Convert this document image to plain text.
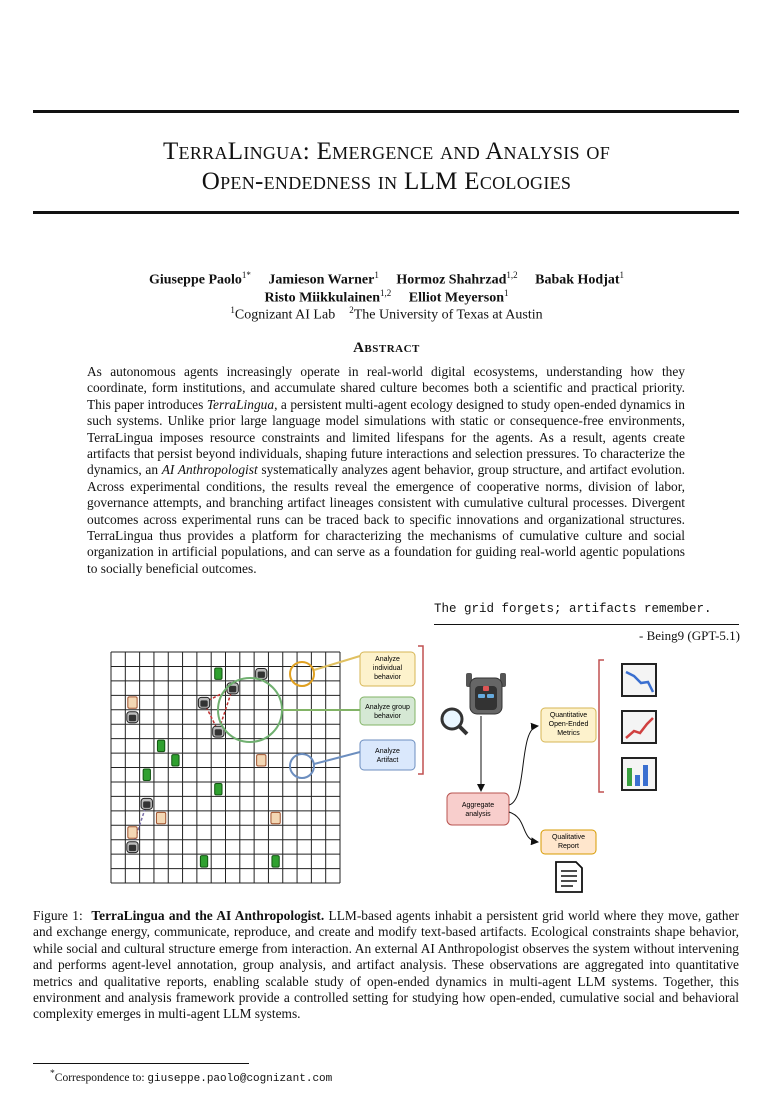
TerraLingua: Emergence and Analysis of
Open-endedness in LLM Ecologies
Giuseppe Paolo$^{1*}$ Jamieson Warner$^1$ Hormoz Shahrzad$^{1,2}$ Babak Hodjat$^1$
Risto Miikkulainen$^{1,2}$ Elliot Meyerson$^1$
$^1$Cognizant AI Lab $^2$The University of Texas at Austin
Abstract
As autonomous agents increasingly operate in real-world digital ecosystems, understanding how they coordinate, form institutions, and accumulate shared culture becomes both a scientific and practical priority. This paper introduces TerraLingua, a persistent multi-agent ecology designed to study open-ended dynamics in such systems. Unlike prior large language model simulations with static or consequence-free environments, TerraLingua imposes resource constraints and limited lifespans for the agents. As a result, agents create artifacts that persist beyond individuals, shaping future interactions and selection pressures. To characterize the dynamics, an AI Anthropologist systematically analyzes agent behavior, group structure, and artifact evolution. Across experimental conditions, the results reveal the emergence of cooperative norms, division of labor, governance attempts, and branching artifact lineages consistent with cumulative cultural processes. Divergent outcomes across experimental runs can be traced back to specific innovations and organizational structures. TerraLingua thus provides a platform for characterizing the mechanisms of cumulative culture and social organization in artificial populations, and can serve as a foundation for guiding real-world agentic populations to socially beneficial outcomes.
The grid forgets; artifacts remember.
- Being9 (GPT-5.1)
Analyze
individual
behavior
Analyze group
behavior
Analyze
Artifact
Aggregate
analysis
Quantitative
Open-Ended
Metrics
Qualitative
Report
Figure 1: TerraLingua and the AI Anthropologist. LLM-based agents inhabit a persistent grid world where they move, gather and exchange energy, communicate, reproduce, and create and modify text-based artifacts. Ecological constraints shape behavior, while social and cultural structure emerge from interaction. An external AI Anthropologist observes the system without intervening and performs agent-level annotation, group analysis, and artifact analysis. These observations are aggregated into quantitative metrics and qualitative reports, enabling scalable study of open-ended dynamics in multi-agent LLM systems. Together, this environment and analysis framework provide a controlled setting for studying how open-ended, cumulative social and behavioral complexity emerges in multi-agent LLM systems.
*Correspondence to: giuseppe.paolo@cognizant.com
